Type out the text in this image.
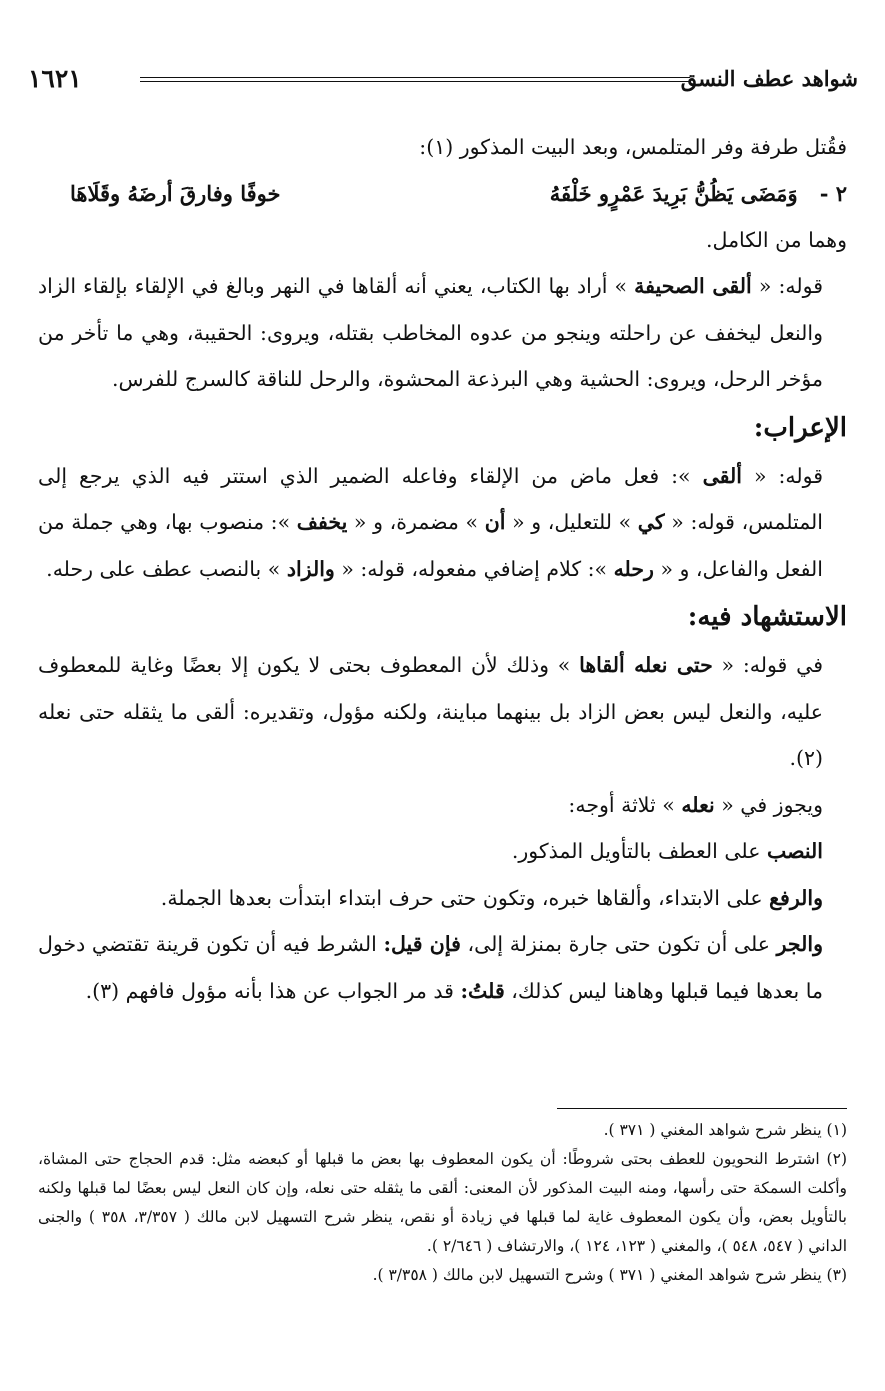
شواهد عطف النسق
١٦٢١

فقُتل طرفة وفر المتلمس، وبعد البيت المذكور (١):

٢ -
وَمَضَى يَظُنُّ بَرِيدَ عَمْرٍو خَلْفَهُ
خوفًا وفارقَ أرضَهُ وقَلَاهَا

وهما من الكامل.

قوله: « ألقى الصحيفة » أراد بها الكتاب، يعني أنه ألقاها في النهر وبالغ في الإلقاء بإلقاء الزاد والنعل ليخفف عن راحلته وينجو من عدوه المخاطب بقتله، ويروى: الحقيبة، وهي ما تأخر من مؤخر الرحل، ويروى: الحشية وهي البرذعة المحشوة، والرحل للناقة كالسرج للفرس.

الإعراب:

قوله: « ألقى »: فعل ماض من الإلقاء وفاعله الضمير الذي استتر فيه الذي يرجع إلى المتلمس، قوله: « كي » للتعليل، و « أن » مضمرة، و « يخفف »: منصوب بها، وهي جملة من الفعل والفاعل، و « رحله »: كلام إضافي مفعوله، قوله: « والزاد » بالنصب عطف على رحله.

الاستشهاد فيه:

في قوله: « حتى نعله ألقاها » وذلك لأن المعطوف بحتى لا يكون إلا بعضًا وغاية للمعطوف عليه، والنعل ليس بعض الزاد بل بينهما مباينة، ولكنه مؤول، وتقديره: ألقى ما يثقله حتى نعله (٢).

ويجوز في « نعله » ثلاثة أوجه:

النصب على العطف بالتأويل المذكور.

والرفع على الابتداء، وألقاها خبره، وتكون حتى حرف ابتداء ابتدأت بعدها الجملة.

والجر على أن تكون حتى جارة بمنزلة إلى، فإن قيل: الشرط فيه أن تكون قرينة تقتضي دخول ما بعدها فيما قبلها وهاهنا ليس كذلك، قلتُ: قد مر الجواب عن هذا بأنه مؤول فافهم (٣).

(١) ينظر شرح شواهد المغني ( ٣٧١ ).

(٢) اشترط النحويون للعطف بحتى شروطًا: أن يكون المعطوف بها بعض ما قبلها أو كبعضه مثل: قدم الحجاج حتى المشاة، وأكلت السمكة حتى رأسها، ومنه البيت المذكور لأن المعنى: ألقى ما يثقله حتى نعله، وإن كان النعل ليس بعضًا لما قبلها ولكنه بالتأويل بعض، وأن يكون المعطوف غاية لما قبلها في زيادة أو نقص، ينظر شرح التسهيل لابن مالك ( ٣/٣٥٧، ٣٥٨ ) والجنى الداني ( ٥٤٧، ٥٤٨ )، والمغني ( ١٢٣، ١٢٤ )، والارتشاف ( ٢/٦٤٦ ).

(٣) ينظر شرح شواهد المغني ( ٣٧١ ) وشرح التسهيل لابن مالك ( ٣/٣٥٨ ).
